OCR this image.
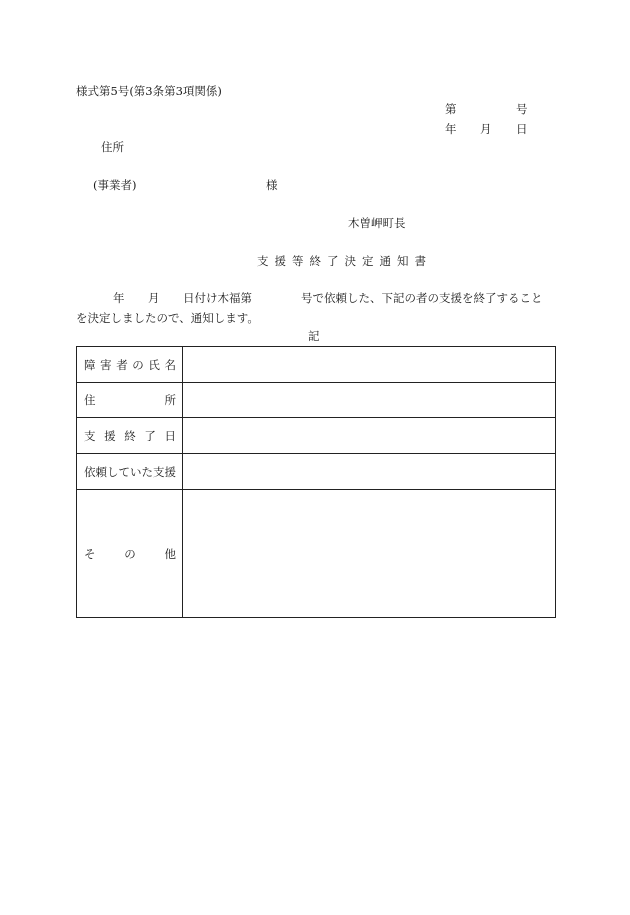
様式第5号(第3条第3項関係)
第	号
年 月 日
住所
(事業者)	様
木曽岬町長
支 援 等 終 了 決 定 通 知 書
年 月 日付け木福第	号で依頼した、下記の者の支援を終了すること
を決定しましたので、通知します。
記
障 害 者 の 氏 名
住	所
支 援 終 了 日
依頼していた支援
そ	の	他
